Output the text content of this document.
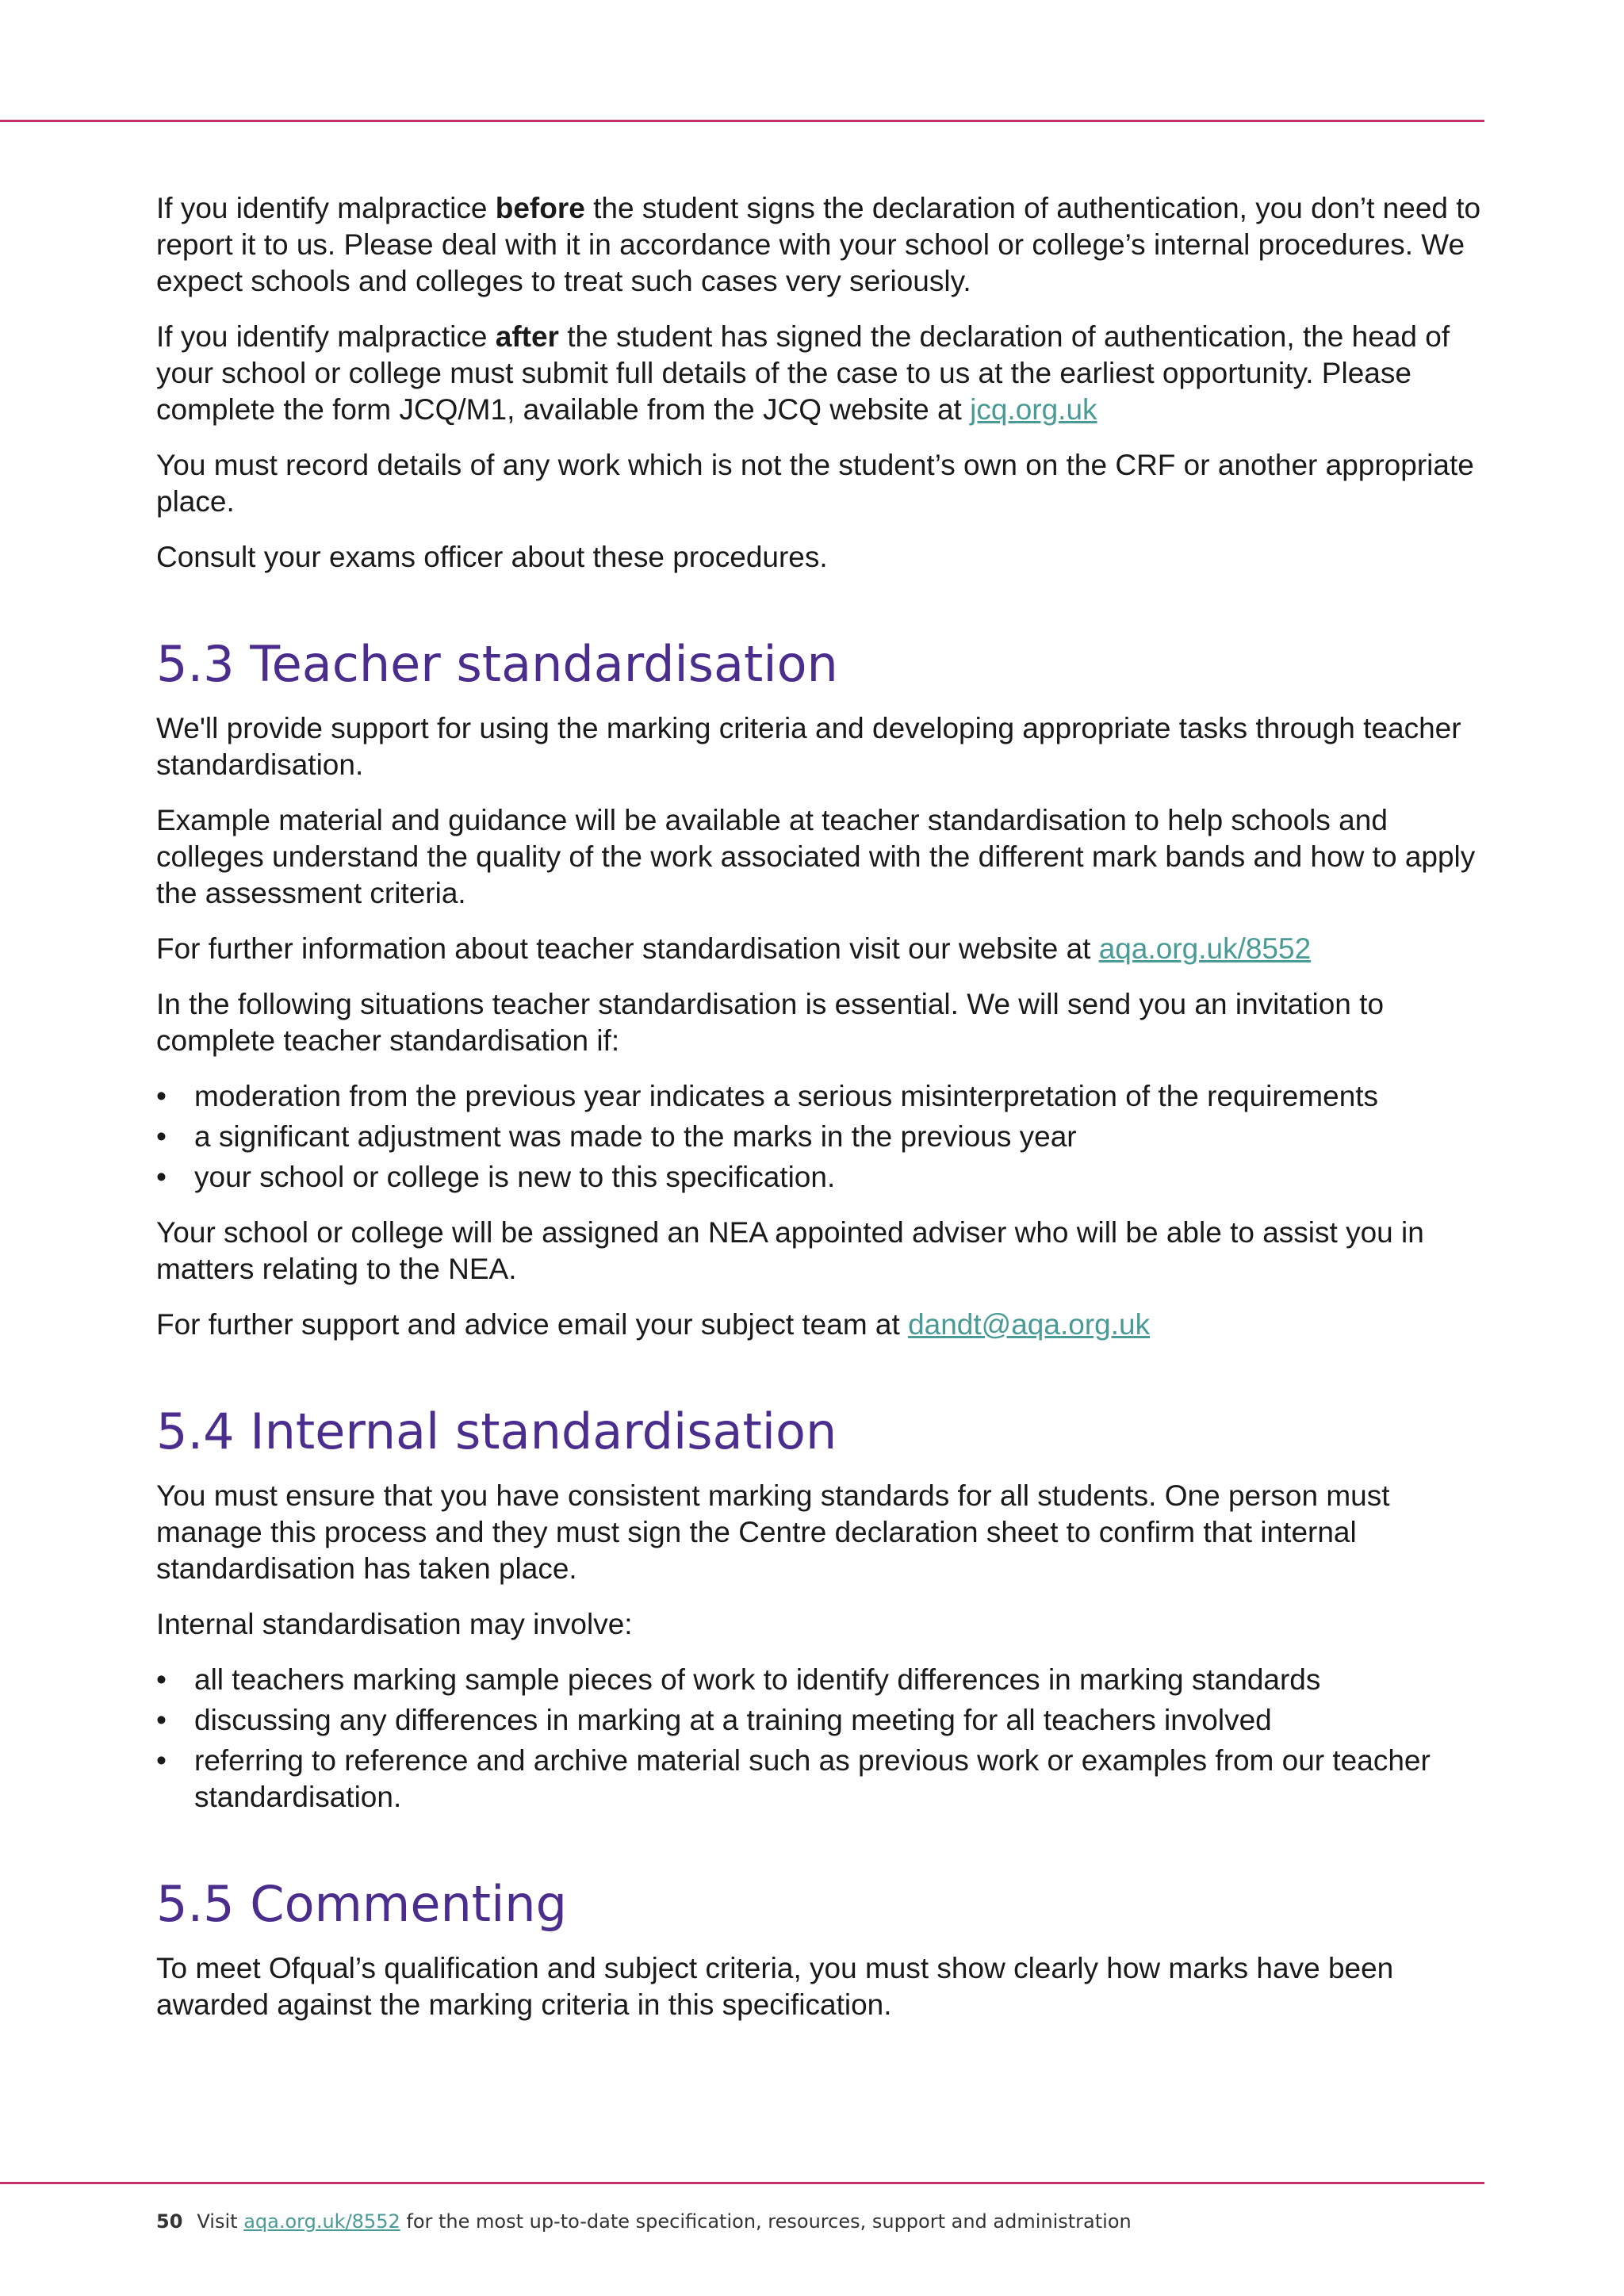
If you identify malpractice before the student signs the declaration of authentication, you don’t need to report it to us. Please deal with it in accordance with your school or college’s internal procedures. We expect schools and colleges to treat such cases very seriously.

If you identify malpractice after the student has signed the declaration of authentication, the head of your school or college must submit full details of the case to us at the earliest opportunity. Please complete the form JCQ/M1, available from the JCQ website at jcq.org.uk

You must record details of any work which is not the student’s own on the CRF or another appropriate place.

Consult your exams officer about these procedures.

5.3 Teacher standardisation

We'll provide support for using the marking criteria and developing appropriate tasks through teacher standardisation.

Example material and guidance will be available at teacher standardisation to help schools and colleges understand the quality of the work associated with the different mark bands and how to apply the assessment criteria.

For further information about teacher standardisation visit our website at aqa.org.uk/8552

In the following situations teacher standardisation is essential. We will send you an invitation to complete teacher standardisation if:

• moderation from the previous year indicates a serious misinterpretation of the requirements
• a significant adjustment was made to the marks in the previous year
• your school or college is new to this specification.

Your school or college will be assigned an NEA appointed adviser who will be able to assist you in matters relating to the NEA.

For further support and advice email your subject team at dandt@aqa.org.uk

5.4 Internal standardisation

You must ensure that you have consistent marking standards for all students. One person must manage this process and they must sign the Centre declaration sheet to confirm that internal standardisation has taken place.

Internal standardisation may involve:

• all teachers marking sample pieces of work to identify differences in marking standards
• discussing any differences in marking at a training meeting for all teachers involved
• referring to reference and archive material such as previous work or examples from our teacher standardisation.
5.5 Commenting

To meet Ofqual’s qualification and subject criteria, you must show clearly how marks have been awarded against the marking criteria in this specification.

50 Visit aqa.org.uk/8552 for the most up-to-date specification, resources, support and administration
